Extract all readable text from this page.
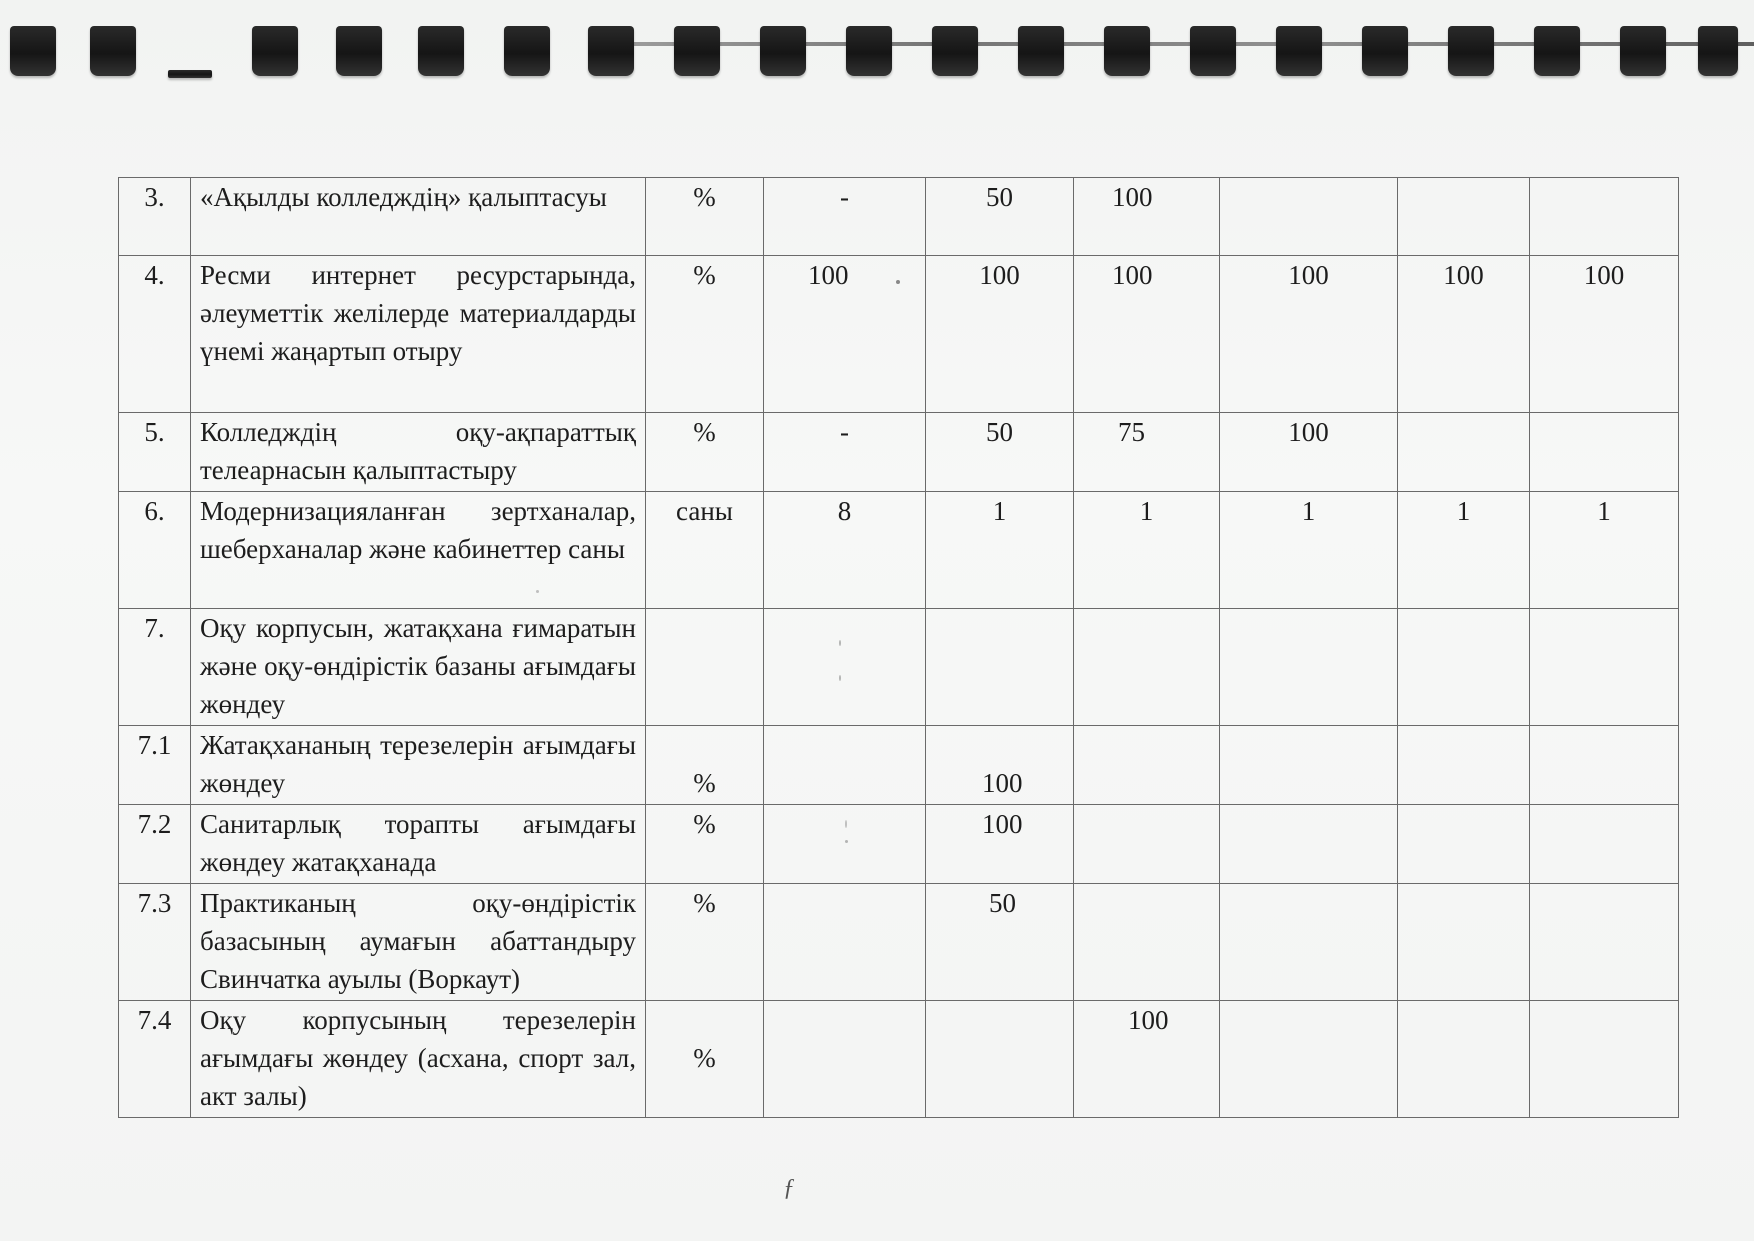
3.	«Ақылды колледждің» қалыптасуы	%	-	50	100			
4.	Ресми интернет ресурстарында, әлеуметтік желілерде материалдарды үнемі жаңартып отыру	%	100	100	100	100	100	100
5.	Колледждің оқу-ақпараттық телеарнасын қалыптастыру	%	-	50	75	100		
6.	Модернизацияланған зертханалар, шеберханалар және кабинеттер саны	саны	8	1	1	1	1	1
7.	Оқу корпусын, жатақхана ғимаратын және оқу-өндірістік базаны ағымдағы жөндеу							
7.1	Жатақхананың терезелерін ағымдағы жөндеу	%		100				
7.2	Санитарлық торапты ағымдағы жөндеу жатақханада	%		100				
7.3	Практиканың оқу-өндірістік базасының аумағын абаттандыру Свинчатка ауылы (Воркаут)	%		50				
7.4	Оқу корпусының терезелерін ағымдағы жөндеу (асхана, спорт зал, акт залы)	%			100			
ƒ
